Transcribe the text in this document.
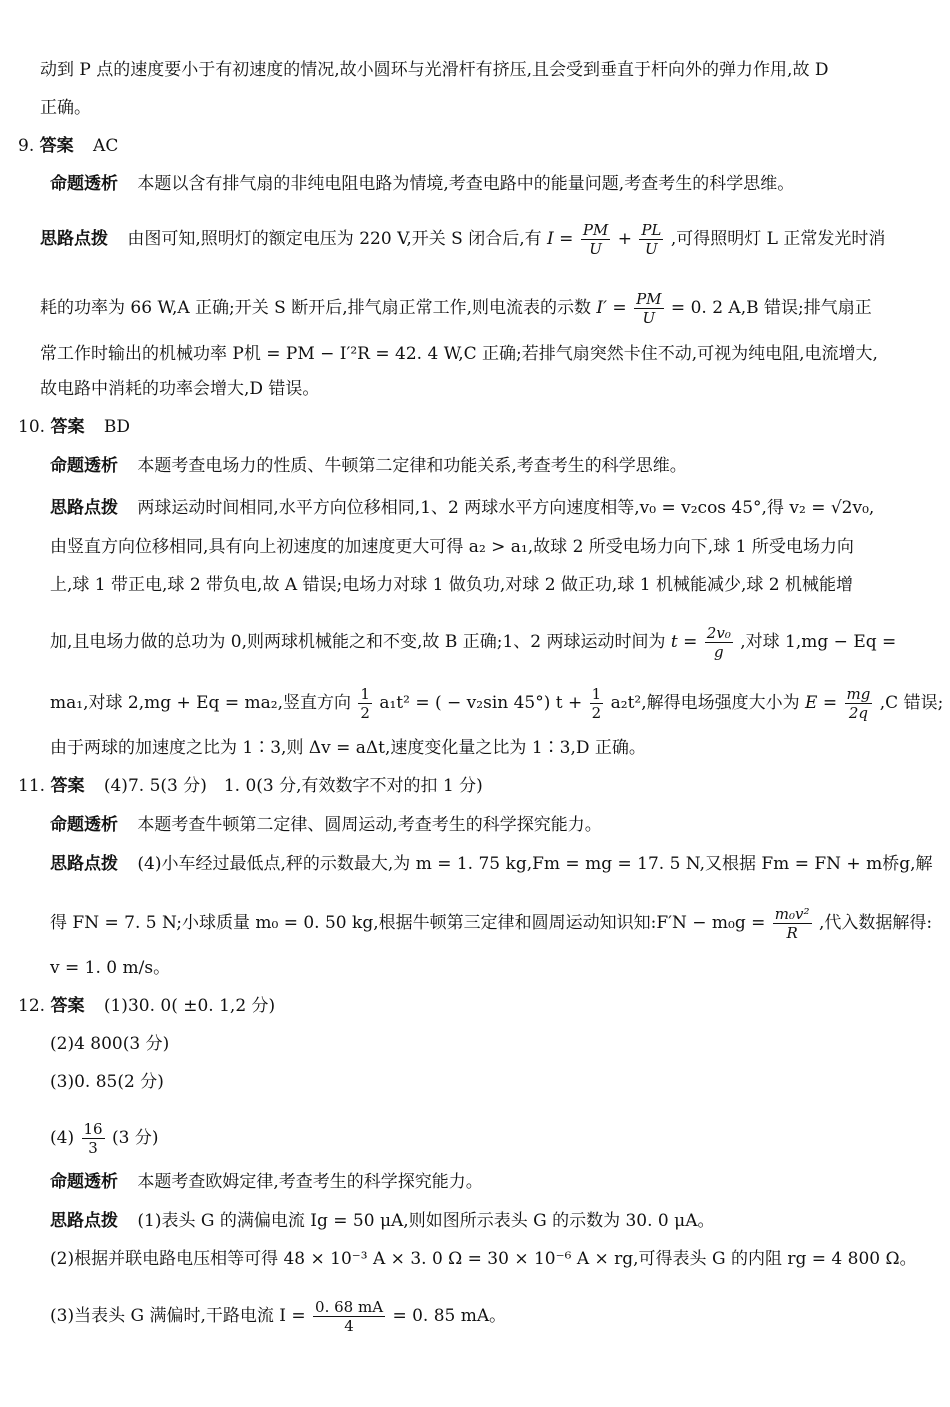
动到 P 点的速度要小于有初速度的情况,故小圆环与光滑杆有挤压,且会受到垂直于杆向外的弹力作用,故 D
正确。
9. 答案 AC
命题透析 本题以含有排气扇的非纯电阻电路为情境,考查电路中的能量问题,考查考生的科学思维。
思路点拨 由图可知,照明灯的额定电压为 220 V,开关 S 闭合后,有 $I = \frac{PM}{U} + \frac{PL}{U}$ ,可得照明灯 L 正常发光时消
耗的功率为 66 W,A 正确;开关 S 断开后,排气扇正常工作,则电流表的示数 $I' = \frac{PM}{U} = 0$. 2 A,B 错误;排气扇正
常工作时输出的机械功率 P机 = PM − I′²R = 42. 4 W,C 正确;若排气扇突然卡住不动,可视为纯电阻,电流增大,
故电路中消耗的功率会增大,D 错误。
10. 答案 BD
命题透析 本题考查电场力的性质、牛顿第二定律和功能关系,考查考生的科学思维。
思路点拨 两球运动时间相同,水平方向位移相同,1、2 两球水平方向速度相等,v₀ = v₂cos 45°,得 v₂ = √2v₀,
由竖直方向位移相同,具有向上初速度的加速度更大可得 a₂ > a₁,故球 2 所受电场力向下,球 1 所受电场力向
上,球 1 带正电,球 2 带负电,故 A 错误;电场力对球 1 做负功,对球 2 做正功,球 1 机械能减少,球 2 机械能增
加,且电场力做的总功为 0,则两球机械能之和不变,故 B 正确;1、2 两球运动时间为 $t = \frac{\text{2v₀}}{g}$ ,对球 1,mg − Eq =
ma₁,对球 2,mg + Eq = ma₂,竖直方向 $\frac{1}{2} a_1t^2$ = ( − v₂sin 45°) $t + \frac{1}{2} a_2t^2$,解得电场强度大小为 $E = \frac{mg}{2q} ,C$ 错误;
由于两球的加速度之比为 1∶3,则 Δv = aΔt,速度变化量之比为 1∶3,D 正确。
11. 答案 (4)7. 5(3 分)　1. 0(3 分,有效数字不对的扣 1 分)
命题透析 本题考查牛顿第二定律、圆周运动,考查考生的科学探究能力。
思路点拨 (4)小车经过最低点,秤的示数最大,为 m = 1. 75 kg,Fm = mg = 17. 5 N,又根据 Fm = FN + m桥g,解
得 FN = 7. 5 N;小球质量 m₀ = 0. 50 kg,根据牛顿第三定律和圆周运动知识知:F′N − $m_0g = \frac{\text{m₀v²}}{R}$ ,代入数据解得:
v = 1. 0 m/s。
12. 答案 (1)30. 0( ±0. 1,2 分)
(2)4 800(3 分)
(3)0. 85(2 分)
$(4) \frac{16}{3} (3$ 分)
命题透析 本题考查欧姆定律,考查考生的科学探究能力。
思路点拨 (1)表头 G 的满偏电流 Ig = 50 μA,则如图所示表头 G 的示数为 30. 0 μA。
(2)根据并联电路电压相等可得 48 × 10⁻³ A × 3. 0 Ω = 30 × 10⁻⁶ A × rg,可得表头 G 的内阻 rg = 4 800 Ω。
(3)当表头 G 满偏时,干路电流 $I = \frac{0. 68 mA}{4} = 0$. 85 mA。
